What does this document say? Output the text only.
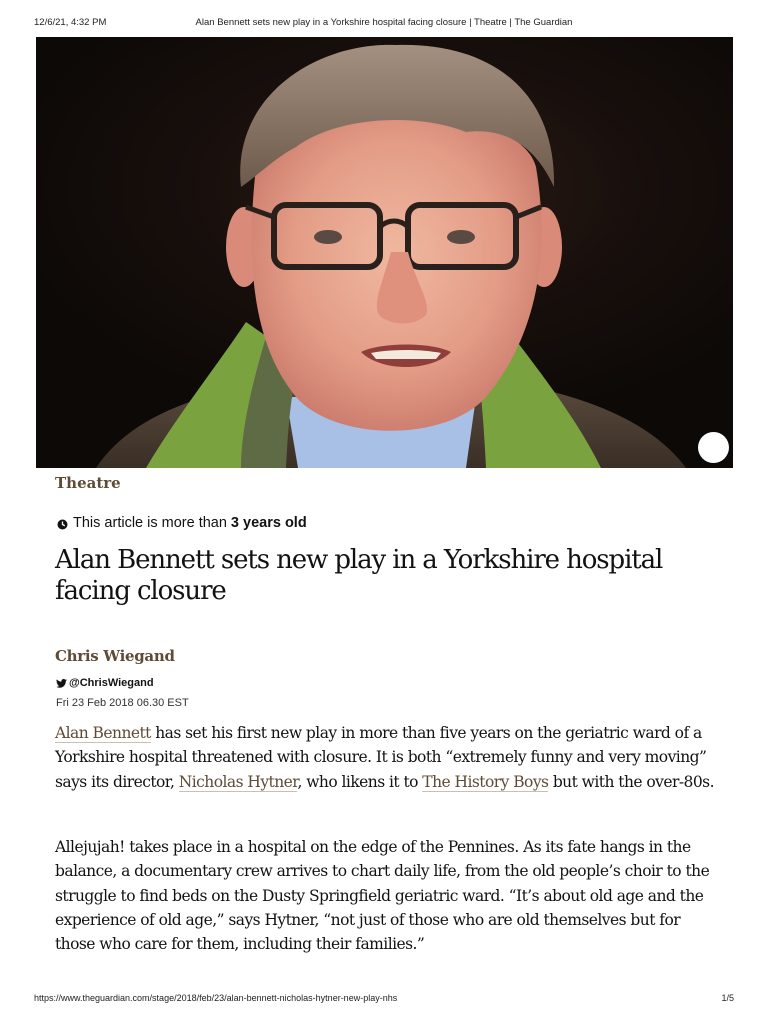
12/6/21, 4:32 PM	Alan Bennett sets new play in a Yorkshire hospital facing closure | Theatre | The Guardian
Theatre
This article is more than 3 years old
Alan Bennett sets new play in a Yorkshire hospital facing closure
Chris Wiegand
@ChrisWiegand
Fri 23 Feb 2018 06.30 EST

Alan Bennett has set his first new play in more than five years on the geriatric ward of a Yorkshire hospital threatened with closure. It is both “extremely funny and very moving” says its director, Nicholas Hytner, who likens it to The History Boys but with the over-80s.

Allejujah! takes place in a hospital on the edge of the Pennines. As its fate hangs in the balance, a documentary crew arrives to chart daily life, from the old people’s choir to the struggle to find beds on the Dusty Springfield geriatric ward. “It’s about old age and the experience of old age,” says Hytner, “not just of those who are old themselves but for those who care for them, including their families.”

https://www.theguardian.com/stage/2018/feb/23/alan-bennett-nicholas-hytner-new-play-nhs	1/5
